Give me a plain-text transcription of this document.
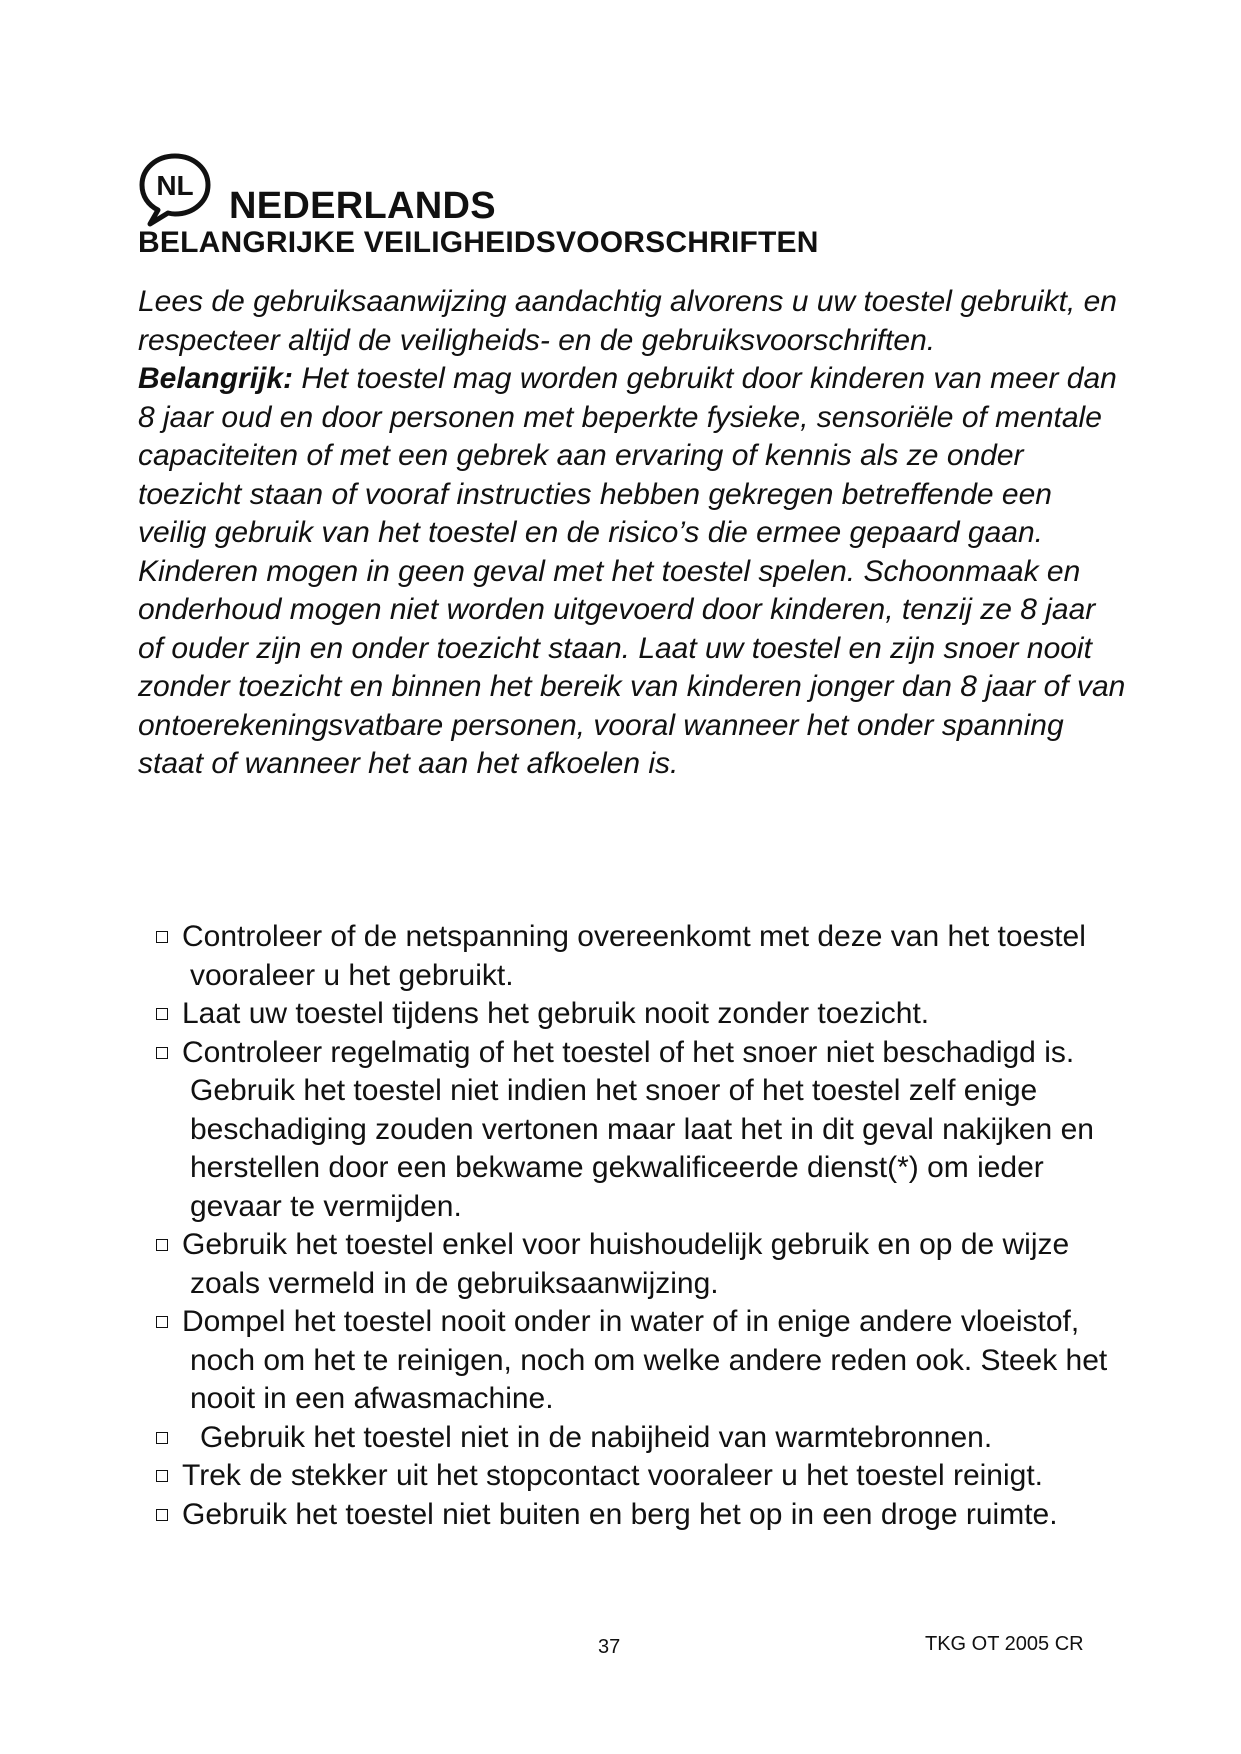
NL NEDERLANDS
BELANGRIJKE VEILIGHEIDSVOORSCHRIFTEN

Lees de gebruiksaanwijzing aandachtig alvorens u uw toestel gebruikt, en respecteer altijd de veiligheids- en de gebruiksvoorschriften.

Belangrijk: Het toestel mag worden gebruikt door kinderen van meer dan 8 jaar oud en door personen met beperkte fysieke, sensoriële of mentale capaciteiten of met een gebrek aan ervaring of kennis als ze onder toezicht staan of vooraf instructies hebben gekregen betreffende een veilig gebruik van het toestel en de risico’s die ermee gepaard gaan. Kinderen mogen in geen geval met het toestel spelen. Schoonmaak en onderhoud mogen niet worden uitgevoerd door kinderen, tenzij ze 8 jaar of ouder zijn en onder toezicht staan. Laat uw toestel en zijn snoer nooit zonder toezicht en binnen het bereik van kinderen jonger dan 8 jaar of van ontoerekeningsvatbare personen, vooral wanneer het onder spanning staat of wanneer het aan het afkoelen is.

Controleer of de netspanning overeenkomt met deze van het toestel vooraleer u het gebruikt.
Laat uw toestel tijdens het gebruik nooit zonder toezicht.
Controleer regelmatig of het toestel of het snoer niet beschadigd is. Gebruik het toestel niet indien het snoer of het toestel zelf enige beschadiging zouden vertonen maar laat het in dit geval nakijken en herstellen door een bekwame gekwalificeerde dienst(*) om ieder gevaar te vermijden.
Gebruik het toestel enkel voor huishoudelijk gebruik en op de wijze zoals vermeld in de gebruiksaanwijzing.
Dompel het toestel nooit onder in water of in enige andere vloeistof, noch om het te reinigen, noch om welke andere reden ook. Steek het nooit in een afwasmachine.
Gebruik het toestel niet in de nabijheid van warmtebronnen.
Trek de stekker uit het stopcontact vooraleer u het toestel reinigt.
Gebruik het toestel niet buiten en berg het op in een droge ruimte.

37	TKG OT 2005 CR
